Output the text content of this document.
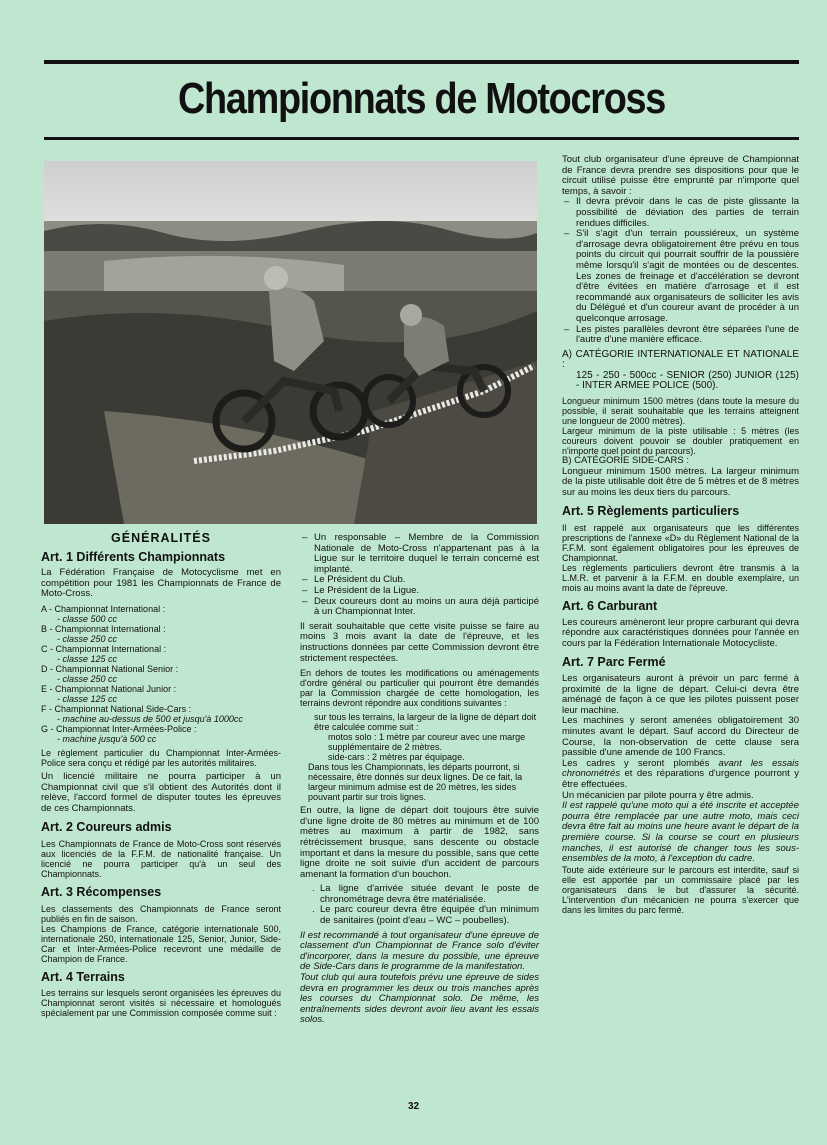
Championnats de Motocross
GÉNÉRALITÉS
Art. 1 Différents Championnats

La Fédération Française de Motocyclisme met en compétition pour 1981 les Championnats de France de Moto-Cross.

A - Championnat International :

- classe 500 cc

B - Championnat International :

- classe 250 cc

C - Championnat International :

- classe 125 cc

D - Championnat National Senior :

- classe 250 cc

E - Championnat National Junior :

- classe 125 cc

F - Championnat National Side-Cars :

- machine au-dessus de 500 et jusqu'à 1000cc

G - Championnat Inter-Armées-Police :

- machine jusqu'à 500 cc

Le règlement particulier du Championnat Inter-Armées-Police sera conçu et rédigé par les autorités militaires.

Un licencié militaire ne pourra participer à un Championnat civil que s'il obtient des Autorités dont il relève, l'accord formel de disputer toutes les épreuves de ces Championnats.

Art. 2 Coureurs admis

Les Championnats de France de Moto-Cross sont réservés aux licenciés de la F.F.M. de nationalité française. Un licencié ne pourra participer qu'à un seul des Championnats.

Art. 3 Récompenses

Les classements des Championnats de France seront publiés en fin de saison.

Les Champions de France, catégorie internationale 500, internationale 250, internationale 125, Senior, Junior, Side-Car et Inter-Armées-Police recevront une médaille de Champion de France.

Art. 4 Terrains

Les terrains sur lesquels seront organisées les épreuves du Championnat seront visités si nécessaire et homologués spécialement par une Commission composée comme suit :

– Un responsable – Membre de la Commission Nationale de Moto-Cross n'appartenant pas à la Ligue sur le territoire duquel le terrain concerné est implanté.
– Le Président du Club.
– Le Président de la Ligue.
– Deux coureurs dont au moins un aura déjà participé à un Championnat Inter.

Il serait souhaitable que cette visite puisse se faire au moins 3 mois avant la date de l'épreuve, et les instructions données par cette Commission devront être strictement respectées.

En dehors de toutes les modifications ou aménagements d'ordre général ou particulier qui pourront être demandés par la Commission chargée de cette homologation, les terrains devront répondre aux conditions suivantes :

sur tous les terrains, la largeur de la ligne de départ doit être calculée comme suit :
motos solo : 1 mètre par coureur avec une marge supplémentaire de 2 mètres.
side-cars : 2 mètres par équipage.
Dans tous les Championnats, les départs pourront, si nécessaire, être donnés sur deux lignes. De ce fait, la largeur minimum admise est de 20 mètres, les sides pouvant partir sur trois lignes.

En outre, la ligne de départ doit toujours être suivie d'une ligne droite de 80 mètres au minimum et de 100 mètres au maximum à partir de 1982, sans rétrécissement brusque, sans descente ou obstacle important et dans la mesure du possible, sans que cette ligne droite ne soit suivie d'un accident de parcours amenant la formation d'un bouchon.

. La ligne d'arrivée située devant le poste de chronométrage devra être matérialisée.
. Le parc coureur devra être équipée d'un minimum de sanitaires (point d'eau – WC – poubelles).

Il est recommandé à tout organisateur d'une épreuve de classement d'un Championnat de France solo d'éviter d'incorporer, dans la mesure du possible, une épreuve de Side-Cars dans le programme de la manifestation.

Tout club qui aura toutefois prévu une épreuve de sides devra en programmer les deux ou trois manches après les courses du Championnat solo. De même, les entraînements sides devront avoir lieu avant les essais solos.

Tout club organisateur d'une épreuve de Championnat de France devra prendre ses dispositions pour que le circuit utilisé puisse être emprunté par n'importe quel temps, à savoir :

– Il devra prévoir dans le cas de piste glissante la possibilité de déviation des parties de terrain rendues difficiles.
– S'il s'agit d'un terrain poussiéreux, un système d'arrosage devra obligatoirement être prévu en tous points du circuit qui pourrait souffrir de la poussière même lorsqu'il s'agit de montées ou de descentes. Les zones de freinage et d'accélération se devront d'être évitées en matière d'arrosage et il est recommandé aux organisateurs de solliciter les avis du Délégué et d'un coureur avant de procéder à un quelconque arrosage.
– Les pistes parallèles devront être séparées l'une de l'autre d'une manière efficace.

A) CATÉGORIE INTERNATIONALE ET NATIONALE :

125 - 250 - 500cc - SENIOR (250) JUNIOR (125) - INTER ARMEE POLICE (500).

Longueur minimum 1500 mètres (dans toute la mesure du possible, il serait souhaitable que les terrains atteignent une longueur de 2000 mètres).

Largeur minimum de la piste utilisable : 5 mètres (les coureurs doivent pouvoir se doubler pratiquement en n'importe quel point du parcours).

B) CATÉGORIE SIDE-CARS :

Longueur minimum 1500 mètres. La largeur minimum de la piste utilisable doit être de 5 mètres et de 8 mètres sur au moins les deux tiers du parcours.

Art. 5 Règlements particuliers

Il est rappelé aux organisateurs que les différentes prescriptions de l'annexe «D» du Règlement National de la F.F.M. sont également obligatoires pour les épreuves de Championnat.

Les règlements particuliers devront être transmis à la L.M.R. et parvenir à la F.F.M. en double exemplaire, un mois au moins avant la date de l'épreuve.

Art. 6 Carburant

Les coureurs amèneront leur propre carburant qui devra répondre aux caractéristiques données pour l'année en cours par la Fédération Internationale Motocycliste.

Art. 7 Parc Fermé

Les organisateurs auront à prévoir un parc fermé à proximité de la ligne de départ. Celui-ci devra être aménagé de façon à ce que les pilotes puissent poser leur machine.

Les machines y seront amenées obligatoirement 30 minutes avant le départ. Sauf accord du Directeur de Course, la non-observation de cette clause sera passible d'une amende de 100 Francs.

Les cadres y seront plombés avant les essais chronométrés et des réparations d'urgence pourront y être effectuées.

Un mécanicien par pilote pourra y être admis.

Il est rappelé qu'une moto qui a été inscrite et acceptée pourra être remplacée par une autre moto, mais ceci devra être fait au moins une heure avant le départ de la première course. Si la course se court en plusieurs manches, il est autorisé de changer tous les sous-ensembles de la moto, à l'exception du cadre.

Toute aide extérieure sur le parcours est interdite, sauf si elle est apportée par un commissaire placé par les organisateurs dans le but d'assurer la sécurité. L'intervention d'un mécanicien ne pourra s'exercer que dans les limites du parc fermé.

32
